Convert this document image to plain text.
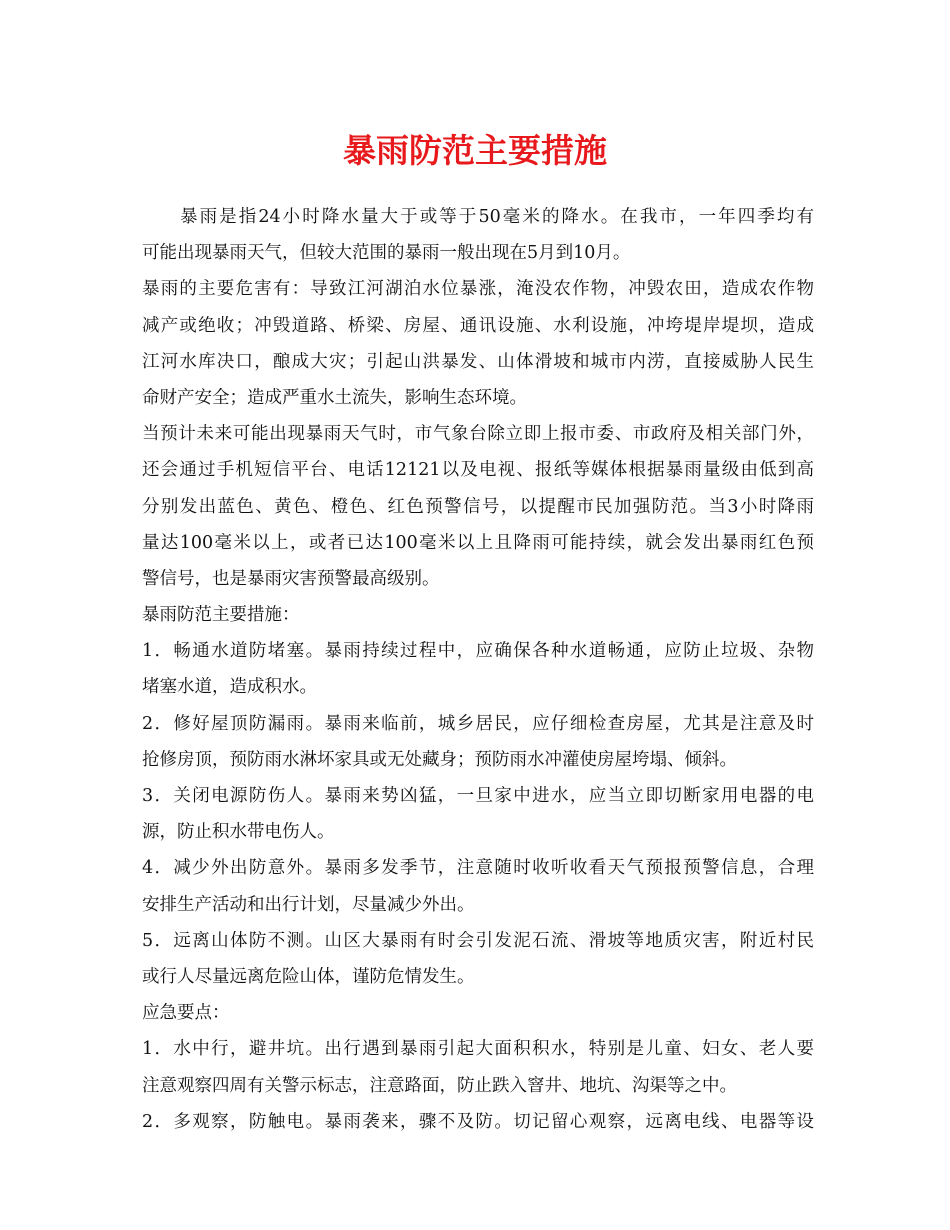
暴雨防范主要措施
暴雨是指24小时降水量大于或等于50毫米的降水。在我市，一年四季均有
可能出现暴雨天气，但较大范围的暴雨一般出现在5月到10月。
暴雨的主要危害有：导致江河湖泊水位暴涨，淹没农作物，冲毁农田，造成农作物
减产或绝收；冲毁道路、桥梁、房屋、通讯设施、水利设施，冲垮堤岸堤坝，造成
江河水库决口，酿成大灾；引起山洪暴发、山体滑坡和城市内涝，直接威胁人民生
命财产安全；造成严重水土流失，影响生态环境。
当预计未来可能出现暴雨天气时，市气象台除立即上报市委、市政府及相关部门外，
还会通过手机短信平台、电话12121以及电视、报纸等媒体根据暴雨量级由低到高
分别发出蓝色、黄色、橙色、红色预警信号，以提醒市民加强防范。当3小时降雨
量达100毫米以上，或者已达100毫米以上且降雨可能持续，就会发出暴雨红色预
警信号，也是暴雨灾害预警最高级别。
暴雨防范主要措施：
1．畅通水道防堵塞。暴雨持续过程中，应确保各种水道畅通，应防止垃圾、杂物
堵塞水道，造成积水。
2．修好屋顶防漏雨。暴雨来临前，城乡居民，应仔细检查房屋，尤其是注意及时
抢修房顶，预防雨水淋坏家具或无处藏身；预防雨水冲灌使房屋垮塌、倾斜。
3．关闭电源防伤人。暴雨来势凶猛，一旦家中进水，应当立即切断家用电器的电
源，防止积水带电伤人。
4．减少外出防意外。暴雨多发季节，注意随时收听收看天气预报预警信息，合理
安排生产活动和出行计划，尽量减少外出。
5．远离山体防不测。山区大暴雨有时会引发泥石流、滑坡等地质灾害，附近村民
或行人尽量远离危险山体，谨防危情发生。
应急要点：
1．水中行，避井坑。出行遇到暴雨引起大面积积水，特别是儿童、妇女、老人要
注意观察四周有关警示标志，注意路面，防止跌入窨井、地坑、沟渠等之中。
2．多观察，防触电。暴雨袭来，骤不及防。切记留心观察，远离电线、电器等设
